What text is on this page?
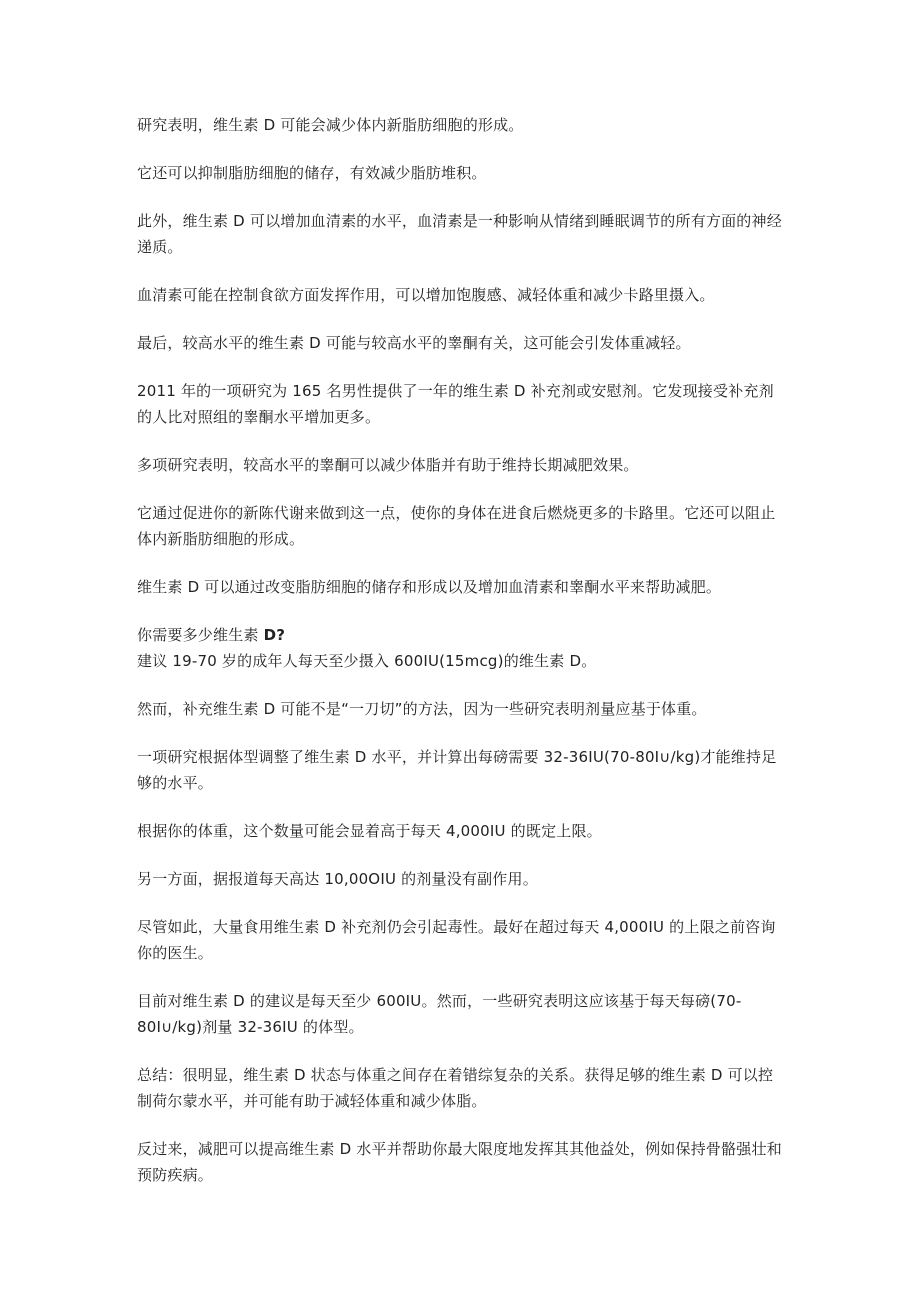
研究表明，维生素 D 可能会减少体内新脂肪细胞的形成。

它还可以抑制脂肪细胞的储存，有效减少脂肪堆积。

此外，维生素 D 可以增加血清素的水平，血清素是一种影响从情绪到睡眠调节的所有方面的神经递质。

血清素可能在控制食欲方面发挥作用，可以增加饱腹感、减轻体重和减少卡路里摄入。

最后，较高水平的维生素 D 可能与较高水平的睾酮有关，这可能会引发体重减轻。

2011 年的一项研究为 165 名男性提供了一年的维生素 D 补充剂或安慰剂。它发现接受补充剂的人比对照组的睾酮水平增加更多。

多项研究表明，较高水平的睾酮可以减少体脂并有助于维持长期减肥效果。

它通过促进你的新陈代谢来做到这一点，使你的身体在进食后燃烧更多的卡路里。它还可以阻止体内新脂肪细胞的形成。

维生素 D 可以通过改变脂肪细胞的储存和形成以及增加血清素和睾酮水平来帮助减肥。

你需要多少维生素 D?

建议 19-70 岁的成年人每天至少摄入 600IU(15mcg)的维生素 D。

然而，补充维生素 D 可能不是“一刀切”的方法，因为一些研究表明剂量应基于体重。

一项研究根据体型调整了维生素 D 水平，并计算出每磅需要 32-36IU(70-80I∪∕kg)才能维持足够的水平。

根据你的体重，这个数量可能会显着高于每天 4,000IU 的既定上限。

另一方面，据报道每天高达 10,00OIU 的剂量没有副作用。

尽管如此，大量食用维生素 D 补充剂仍会引起毒性。最好在超过每天 4,000IU 的上限之前咨询你的医生。

目前对维生素 D 的建议是每天至少 600IU。然而，一些研究表明这应该基于每天每磅(70-80I∪∕kg)剂量 32-36IU 的体型。

总结：很明显，维生素 D 状态与体重之间存在着错综复杂的关系。获得足够的维生素 D 可以控制荷尔蒙水平，并可能有助于减轻体重和减少体脂。

反过来，减肥可以提高维生素 D 水平并帮助你最大限度地发挥其其他益处，例如保持骨骼强壮和预防疾病。
